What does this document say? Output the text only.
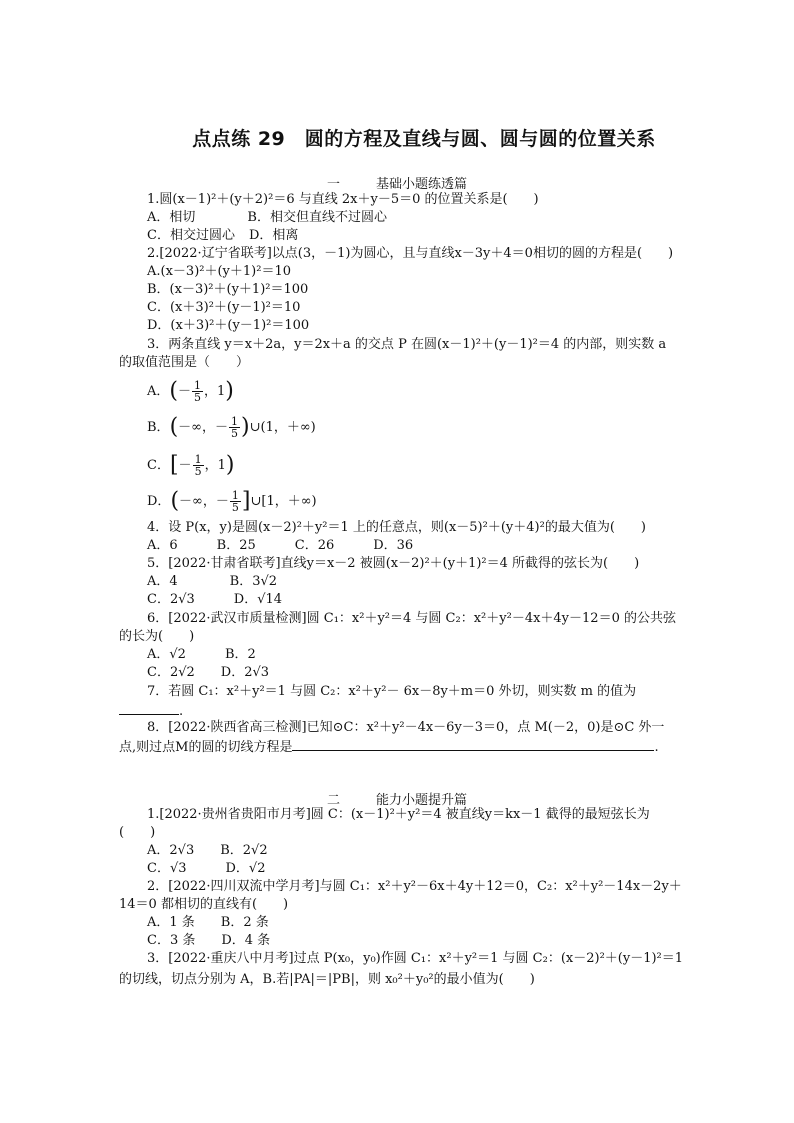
点点练 29　圆的方程及直线与圆、圆与圆的位置关系
一	基础小题练透篇
1.圆(x－1)²＋(y＋2)²＝6 与直线 2x＋y－5＝0 的位置关系是(　　)
A．相切	B．相交但直线不过圆心
C．相交过圆心 D．相离
2.[2022·辽宁省联考]以点(3，－1)为圆心，且与直线x－3y＋4＝0相切的圆的方程是(　　)
A.(x－3)²＋(y＋1)²＝10
B．(x－3)²＋(y＋1)²＝100
C．(x＋3)²＋(y－1)²＝10
D．(x＋3)²＋(y－1)²＝100
3．两条直线 y＝x＋2a，y＝2x＋a 的交点 P 在圆(x－1)²＋(y－1)²＝4 的内部，则实数 a
的取值范围是（　　）
A．(－ $\frac{1}{5}$ ，1)
B．(－∞，－ $\frac{1}{5}$ )∪(1，＋∞)
C．[－ $\frac{1}{5}$ ，1)
D．(－∞，－ $\frac{1}{5}$ ]∪[1，＋∞)
4．设 P(x，y)是圆(x－2)²＋y²＝1 上的任意点，则(x－5)²＋(y＋4)²的最大值为(　　)
A．6　　　B．25　　　C．26　　　D．36
5．[2022·甘肃省联考]直线y＝x－2 被圆(x－2)²＋(y＋1)²＝4 所截得的弦长为(　　)
A．4　　　　B．3√2
C．2√3　　　D．√14
6．[2022·武汉市质量检测]圆 C₁：x²＋y²＝4 与圆 C₂：x²＋y²－4x＋4y－12＝0 的公共弦
的长为(　　)
A．√2　　　B．2
C．2√2　　D．2√3
7．若圆 C₁：x²＋y²＝1 与圆 C₂：x²＋y²－ 6x－8y＋m＝0 外切，则实数 m 的值为
.
8．[2022·陕西省高三检测]已知⊙C：x²＋y²－4x－6y－3＝0，点 M(－2，0)是⊙C 外一
点,则过点M的圆的切线方程是	.
二	能力小题提升篇
1.[2022·贵州省贵阳市月考]圆 C：(x－1)²＋y²＝4 被直线y＝kx－1 截得的最短弦长为
(　　)
A．2√3　　B．2√2
C．√3　　　D．√2
2．[2022·四川双流中学月考]与圆 C₁：x²＋y²－6x＋4y＋12＝0，C₂：x²＋y²－14x－2y＋
14＝0 都相切的直线有(　　)
A．1 条　　B．2 条
C．3 条　　D．4 条
3．[2022·重庆八中月考]过点 P(x₀，y₀)作圆 C₁：x²＋y²＝1 与圆 C₂：(x－2)²＋(y－1)²＝1
的切线，切点分别为 A，B.若|PA|＝|PB|，则 x₀²＋y₀²的最小值为(　　)
